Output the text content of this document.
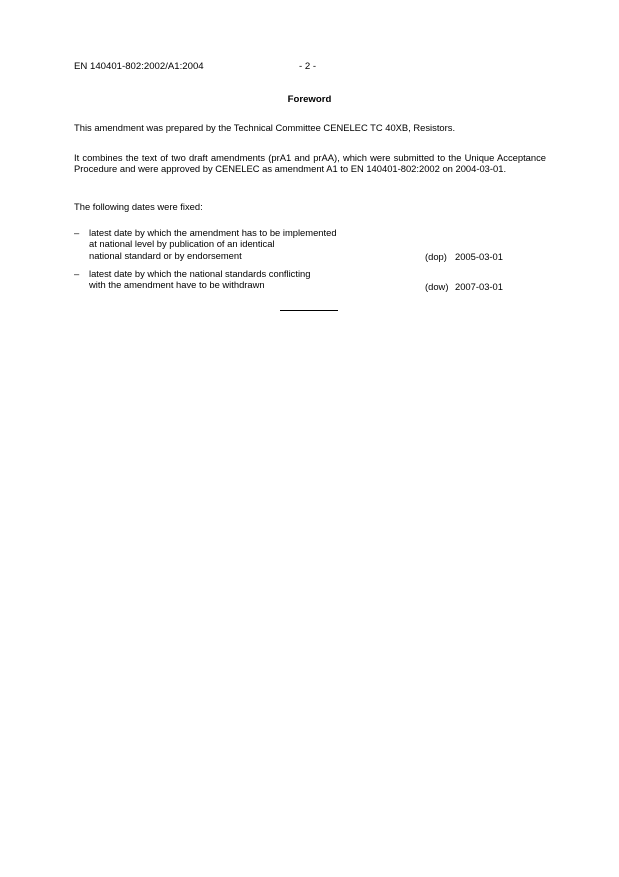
EN 140401-802:2002/A1:2004	- 2 -
Foreword

This amendment was prepared by the Technical Committee CENELEC TC 40XB, Resistors.

It combines the text of two draft amendments (prA1 and prAA), which were submitted to the Unique Acceptance Procedure and were approved by CENELEC as amendment A1 to EN 140401-802:2002 on 2004-03-01.

The following dates were fixed:

– latest date by which the amendment has to be implemented
at national level by publication of an identical
national standard or by endorsement	(dop) 2005-03-01
– latest date by which the national standards conflicting
with the amendment have to be withdrawn	(dow) 2007-03-01
